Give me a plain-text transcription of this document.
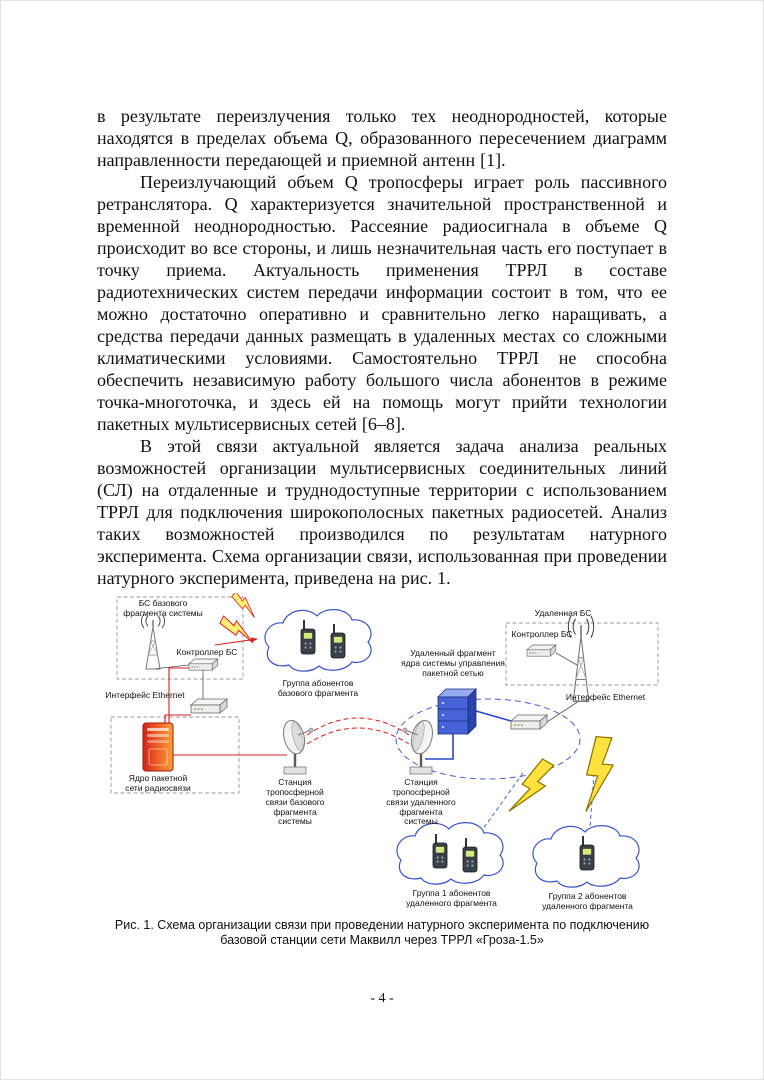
в результате переизлучения только тех неоднородностей, которые находятся в пределах объема Q, образованного пересечением диаграмм направленности передающей и приемной антенн [1].

Переизлучающий объем Q тропосферы играет роль пассивного ретранслятора. Q характеризуется значительной пространственной и временной неоднородностью. Рассеяние радиосигнала в объеме Q происходит во все стороны, и лишь незначительная часть его поступает в точку приема. Актуальность применения ТРРЛ в составе радиотехнических систем передачи информации состоит в том, что ее можно достаточно оперативно и сравнительно легко наращивать, а средства передачи данных размещать в удаленных местах со сложными климатическими условиями. Самостоятельно ТРРЛ не способна обеспечить независимую работу большого числа абонентов в режиме точка-многоточка, и здесь ей на помощь могут прийти технологии пакетных мультисервисных сетей [6–8].

В этой связи актуальной является задача анализа реальных возможностей организации мультисервисных соединительных линий (СЛ) на отдаленные и труднодоступные территории с использованием ТРРЛ для подключения широкополосных пакетных радиосетей. Анализ таких возможностей производился по результатам натурного эксперимента. Схема организации связи, использованная при проведении натурного эксперимента, приведена на рис. 1.

БС базового фрагмента системы
Контроллер БС
Интерфейс Ethernet
Ядро пакетной сети радиосвязи
Группа абонентов базового фрагмента
Удаленный фрагмент ядра системы управления пакетной сетью
Удаленная БС
Контроллер БС
Интерфейс Ethernet
Станция тропосферной связи базового фрагмента системы
Станция тропосферной связи удаленного фрагмента системы
Группа 1 абонентов удаленного фрагмента
Группа 2 абонентов удаленного фрагмента
Рис. 1. Схема организации связи при проведении натурного эксперимента по подключению базовой станции сети Маквилл через ТРРЛ «Гроза-1.5»
- 4 -
